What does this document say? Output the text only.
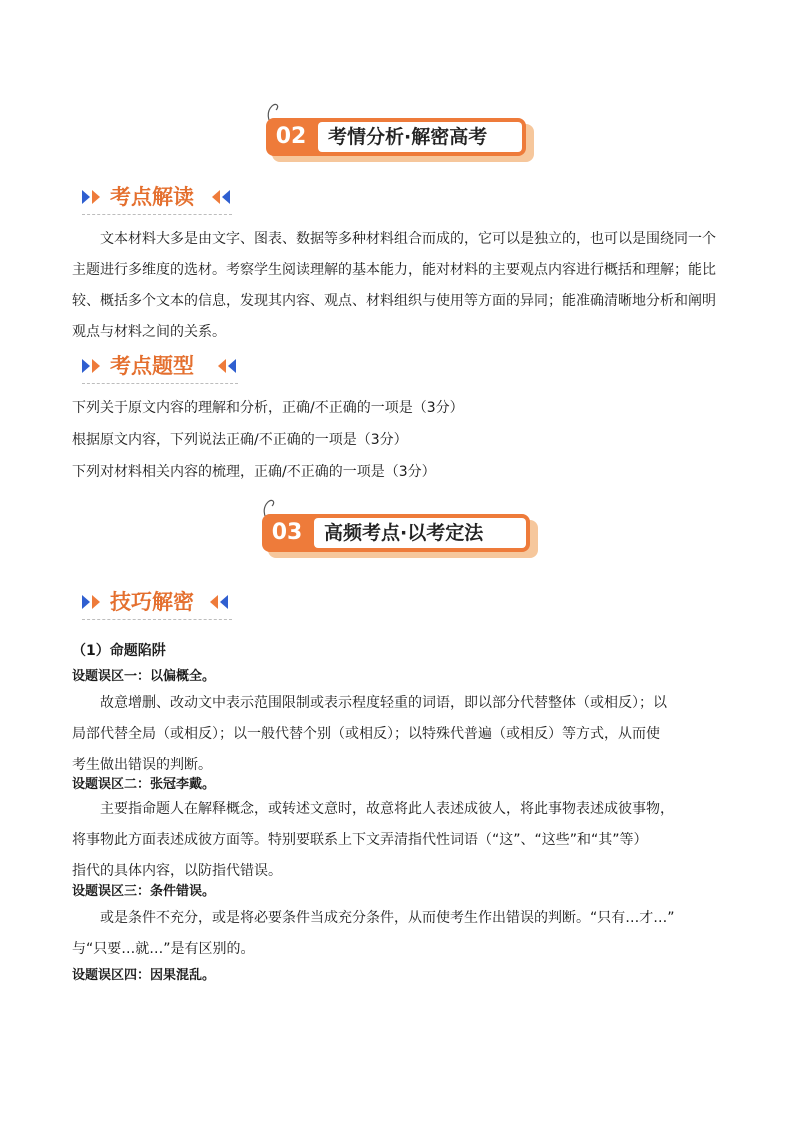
02	考情分析·解密高考
考点解读
文本材料大多是由文字、图表、数据等多种材料组合而成的，它可以是独立的，也可以是围绕同一个
主题进行多维度的选材。考察学生阅读理解的基本能力，能对材料的主要观点内容进行概括和理解；能比
较、概括多个文本的信息，发现其内容、观点、材料组织与使用等方面的异同；能准确清晰地分析和阐明
观点与材料之间的关系。
考点题型
下列关于原文内容的理解和分析，正确/不正确的一项是（3分）
根据原文内容，下列说法正确/不正确的一项是（3分）
下列对材料相关内容的梳理，正确/不正确的一项是（3分）
03	高频考点·以考定法
技巧解密
（1）命题陷阱
设题误区一：以偏概全。
故意增删、改动文中表示范围限制或表示程度轻重的词语，即以部分代替整体（或相反）；以
局部代替全局（或相反）；以一般代替个别（或相反）；以特殊代普遍（或相反）等方式，从而使
考生做出错误的判断。
设题误区二：张冠李戴。
主要指命题人在解释概念，或转述文意时，故意将此人表述成彼人，将此事物表述成彼事物，
将事物此方面表述成彼方面等。特别要联系上下文弄清指代性词语（“这”、“这些”和“其”等）
指代的具体内容，以防指代错误。
设题误区三：条件错误。
或是条件不充分，或是将必要条件当成充分条件，从而使考生作出错误的判断。“只有…才…”
与“只要…就…”是有区别的。
设题误区四：因果混乱。
